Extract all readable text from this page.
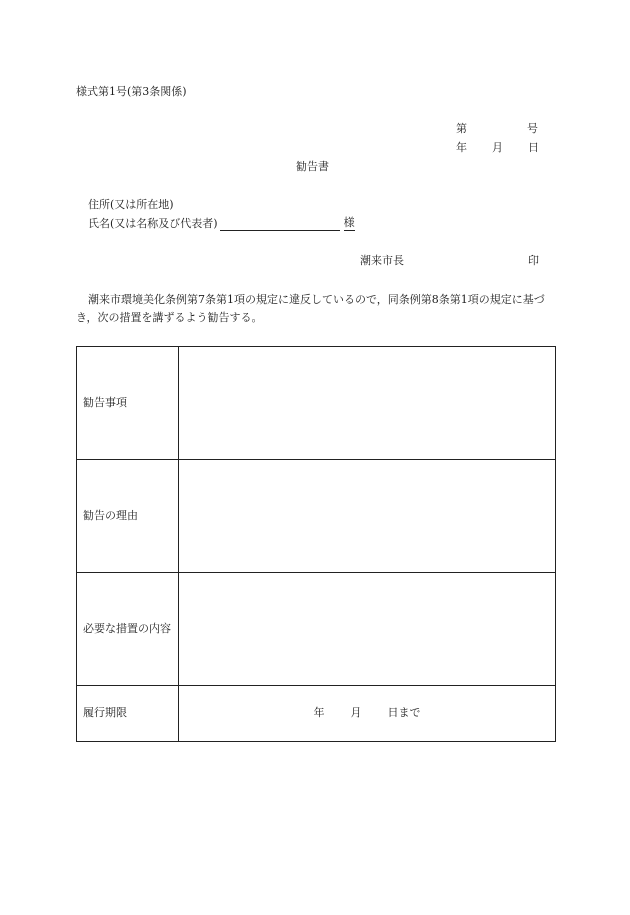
様式第1号(第3条関係)
第	号
年 月 日
勧告書
住所(又は所在地)
氏名(又は名称及び代表者)	様
潮来市長	印
潮来市環境美化条例第7条第1項の規定に違反しているので，同条例第8条第1項の規定に基づき，次の措置を講ずるよう勧告する。
勧告事項	
勧告の理由	
必要な措置の内容	
履行期限	年 月 日まで
